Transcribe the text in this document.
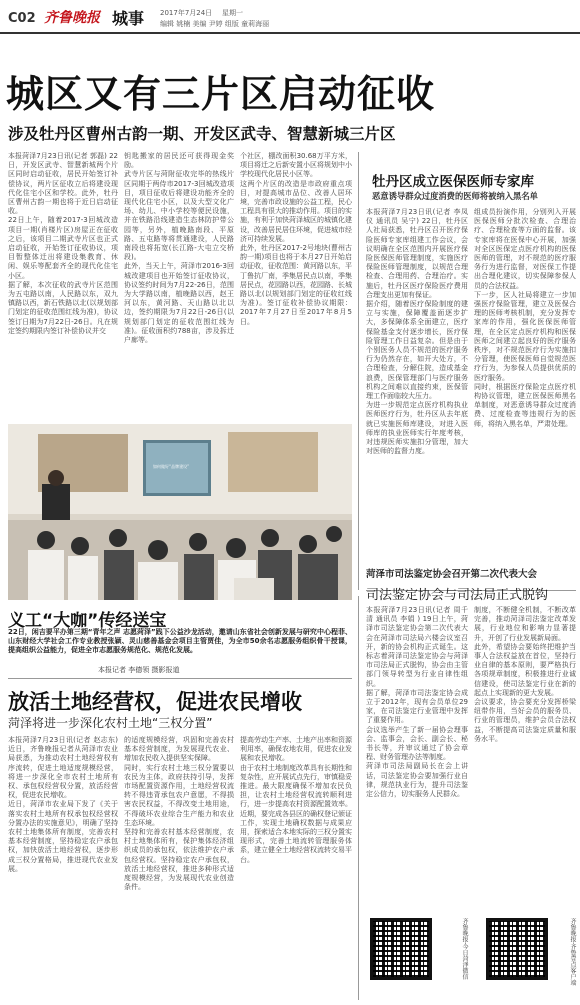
C02 齐鲁晚报 城事 2017年7月24日 星期一
编辑 姚楠 美编 尹婷 组版 童莉海丽
城区又有三片区启动征收
涉及牡丹区曹州古韵一期、开发区武寺、智慧新城三片区
本报菏泽7月23日讯(记者 郭磊) 22日，开发区武寺、智慧新城两个片区同时启动征收，居民开始签订补偿协议，两片区征收立后将建设现代化住宅小区和学校。此外，牡丹区曹州古韵一期也将于近日启动征收。
22日上午，随着2017-3回城改造项目一期(肖楼片区)房屋正在征收之后，该项目二期武寺片区也正式启动征收，开始签订征收协议，项目暂整体迁出将建设集教育、休闲、娱乐等配套齐全的现代化住宅小区。
据了解，本次征收的武寺片区范围为五屯路以南，人民路以东，双九镇路以西，新石铁路以北(以规划部门划定的征收范围红线为准)，协议签订日期为7月22日-26日。凡在规定签约期限内签订补偿协议并交
钥匙搬家的居民还可获得现金奖励。
武寺片区与菏附征收完毕的热线片区同期于两侍市2017-3回城改造项目，项目征收后将建设功能齐全的现代化住宅小区，以及大型文化广场、幼儿、中小学校等便民设施，并在铁路沿线建造生态林防护带公园等，另外，植晚路南段、平原路、五屯路等将贯通建设，人民路南段也将拓宽(长江路-大屯立交桥段)。
此外，当天上午，菏泽市2016-3回城改建项目也开始签订征收协议，协议签约时间为7月22-26日，范围为大学路以南，植晚路以西，赵王河以东，黄河路、天山路以北以边，签约期限为7月22日-26日(以规划部门划定的征收范围红线为准)。征收面积约788亩，涉及拆迁户廊等。
个社区，棚改面积30.68万平方米，项目将迁之后新安置小区将规划中小学校现代化居民小区等。
这两个片区的改造是市政府重点项目，对提高城市品位、改善人居环境，完善市政设施的公益工程，民心工程具有很大的推动作用。项目的实施，有利于加快菏泽城区的城镇化建设，改善居民居住环境，促进城市经济可持续发展。
此外，牡丹区2017-2号地块(曹州古韵一期)项目也将于本月27日开始启动征收，征收范围：黄河路以东，平丁鲁抗厂南，季集居民点以南，季集居民点，花园路以西，花园路、长城路以北(以规划部门划定的征收红线为准)。签订征收补偿协议期限：2017年7月27日至2017年8月5日。
牡丹区成立医保医师专家库
恶意诱导群众过度消费的医师将被纳入黑名单
本报菏泽7月23日讯(记者 李凤仪 通讯员 吴宁) 22日，牡丹区人社局获悉，牡丹区召开医疗保险医师专家库组建工作会议，会议明确在全区范围内开展医疗保险医保医师管理制度，实施医疗保险医师管理制度，以规范合理检查、合理用药、合理治疗。实施后，牡丹区医疗保险医疗费用合理支出更加有保证。
据介绍，随着医疗保险制度的建立与实施，保障覆盖面逐步扩大，多保障体系全面建立，医疗保险基金支付逐步增长，医疗保险管理工作日益复杂。但是由于个别医务人员不规范的医疗服务行为仍然存在，如开大处方，不合理检查，分解住院，造成基金浪费，医保管理部门与医疗服务机构之间难以直接约束，医保管理工作面临较大压力。
为进一步规范定点医疗机构执业医师医疗行为，牡丹区从去年底就已实施医师库建设，对进入医师库的执业医师实行年度考核，对违规医师实施扣分管理，加大对医师的监督力度。
组成员扮演作用，分别列入开展医保医师分批次检查、合理治疗、合理检查等方面的监督。该专家库将在医保中心开展，加强对全区医保定点医疗机构的医保医师的管理，对不规范的医疗服务行为进行监督，对医保工作提出合理化建议，切实保障参保人员的合法权益。
下一步，区人社局将建立一步加强医疗保险管理，建立及医保合理的医师考核机制，充分发挥专家库的作用，强化医保医师管理，在全区定点医疗机构和医保医师之间建立起良好的医疗服务秩序，对不规范医疗行为实施扣分管理，使医保医师自觉规范医疗行为，为参保人员提供优质的医疗服务。
同时，根据医疗保险定点医疗机构协议管理，建立医保医师黑名单制度，对恶意诱导群众过度消费、过度检查等违规行为的医师，将纳入黑名单，严肃处理。
如何做好“品牌建设”
义工“大咖”传经送宝
22日，闲吉要平办第三期“青年之声 志愿菏泽”践下公益沙龙活动，邀请山东省社会创新发展与研究中心程菲、山东财经大学社会工作专业教授张颖、灵山慈善基金会项目主管贾佳，为全市50余名志愿服务组织骨干授课，提高组织公益能力，促进全市志愿服务规范化、规范化发展。
本报记者 李德领 摄影报道
放活土地经营权，促进农民增收
菏泽将进一步深化农村土地“三权分置”
本报菏泽7月23日讯(记者 赵志东) 近日，齐鲁晚报记者从菏泽市农业局获悉，为推动农村土地经营权有序流转，促进土地适度规模经营，将进一步深化全市农村土地所有权、承包权经营权分置，放活经营权，促进农民增收。
近日，菏泽市农业局下发了《关于落实农村土地所有权承包权经营权分置办法的实施意见》，明确了坚持农村土地集体所有制度，完善农村基本经营制度，坚持稳定农户承包权，加快放活土地经营权，逐步形成三权分置格局，推进现代农业发展。
的适度规模经营，巩固和完善农村基本经营制度，为发展现代农业、增加农民收入提供坚实保障。
同时，实行农村土地三权分置要以农民为主体，政府扶持引导，发挥市场配置资源作用，土地经营权流转不得违背承包农户意愿，不得损害农民权益，不得改变土地用途，不得破坏农业综合生产能力和农业生态环境。
坚持和完善农村基本经营制度，农村土地集体所有，保护集体经济组织成员的承包权，依法维护农户承包经营权。坚持稳定农户承包权，放活土地经营权，推进多种形式适度规模经营，为发展现代农业创造条件。
提高劳动生产率、土地产出率和资源利用率，确保农地农用，促进农业发展和农民增收。
由于农村土地制度改革具有长期性和复杂性，应开展试点先行，审慎稳妥推进。最大限度确保不增加农民负担，让农村土地经营权流转顺利进行，进一步提高农村资源配置效率。
近期，要完成各县区的确权登记颁证工作，实现土地确权数据与成果应用，探索适合本地实际的三权分置实现形式，完善土地流转管理服务体系，建立健全土地经营权流转交易平台。
菏泽市司法鉴定协会召开第二次代表大会
司法鉴定协会与司法局正式脱钩
本报菏泽7月23日讯(记者 周千清 通讯员 李娟 ) 19日上午，菏泽市司法鉴定协会第二次代表大会在菏泽市司法局六楼会议室召开，新的协会机构正式诞生。这标志着菏泽司法鉴定协会与菏泽市司法局正式脱钩，协会由主管部门领导转型为行业自律性组织。
据了解，菏泽市司法鉴定协会成立于2012年，现有会员单位29家，在司法鉴定行业管理中发挥了重要作用。
会议选举产生了新一届协会理事会、监事会，会长、副会长、秘书长等，并审议通过了协会章程、财务管理办法等制度。
菏泽市司法局副局长在会上讲话，司法鉴定协会要加强行业自律，规范执业行为，提升司法鉴定公信力，切实服务人民群众。
制度，不断健全机制，不断改革完善，推动菏泽司法鉴定改革发展，行业地位和影响力显著提升，开创了行业发展新局面。
此外，希望协会要始终把维护当事人合法权益放在首位，坚持行业自律的基本原则，要严格执行各项规章制度，积极推进行业诚信建设，使司法鉴定行业在新的起点上实现新的更大发展。
会议要求，协会要充分发挥桥梁纽带作用，当好会员的服务员、行业的管理员，维护会员合法权益，不断提高司法鉴定质量和服务水平。
齐鲁晚报·今日菏泽微信	齐鲁晚报·齐鲁壹点客户端
